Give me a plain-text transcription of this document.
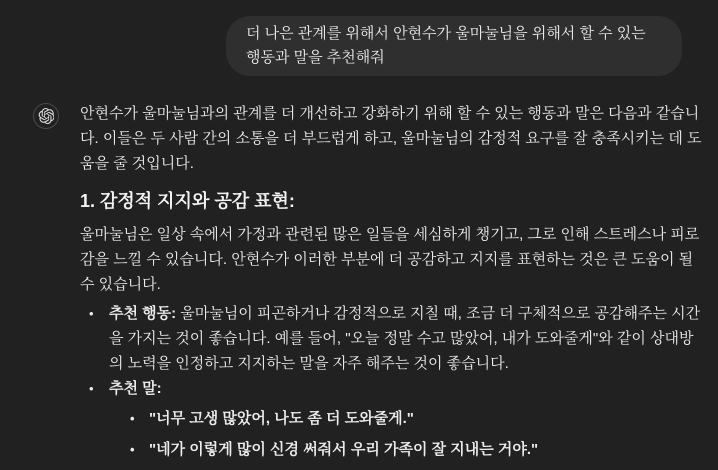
더 나은 관계를 위해서 안현수가 울마눌님을 위해서 할 수 있는 행동과 말을 추천해줘

안현수가 울마눌님과의 관계를 더 개선하고 강화하기 위해 할 수 있는 행동과 말은 다음과 같습니다. 이들은 두 사람 간의 소통을 더 부드럽게 하고, 울마눌님의 감정적 요구를 잘 충족시키는 데 도움을 줄 것입니다.

1. 감정적 지지와 공감 표현:

울마눌님은 일상 속에서 가정과 관련된 많은 일들을 세심하게 챙기고, 그로 인해 스트레스나 피로감을 느낄 수 있습니다. 안현수가 이러한 부분에 더 공감하고 지지를 표현하는 것은 큰 도움이 될 수 있습니다.

•
추천 행동: 울마눌님이 피곤하거나 감정적으로 지칠 때, 조금 더 구체적으로 공감해주는 시간을 가지는 것이 좋습니다. 예를 들어, "오늘 정말 수고 많았어, 내가 도와줄게"와 같이 상대방의 노력을 인정하고 지지하는 말을 자주 해주는 것이 좋습니다.
•
추천 말:
•
"너무 고생 많았어, 나도 좀 더 도와줄게."
•
"네가 이렇게 많이 신경 써줘서 우리 가족이 잘 지내는 거야."
